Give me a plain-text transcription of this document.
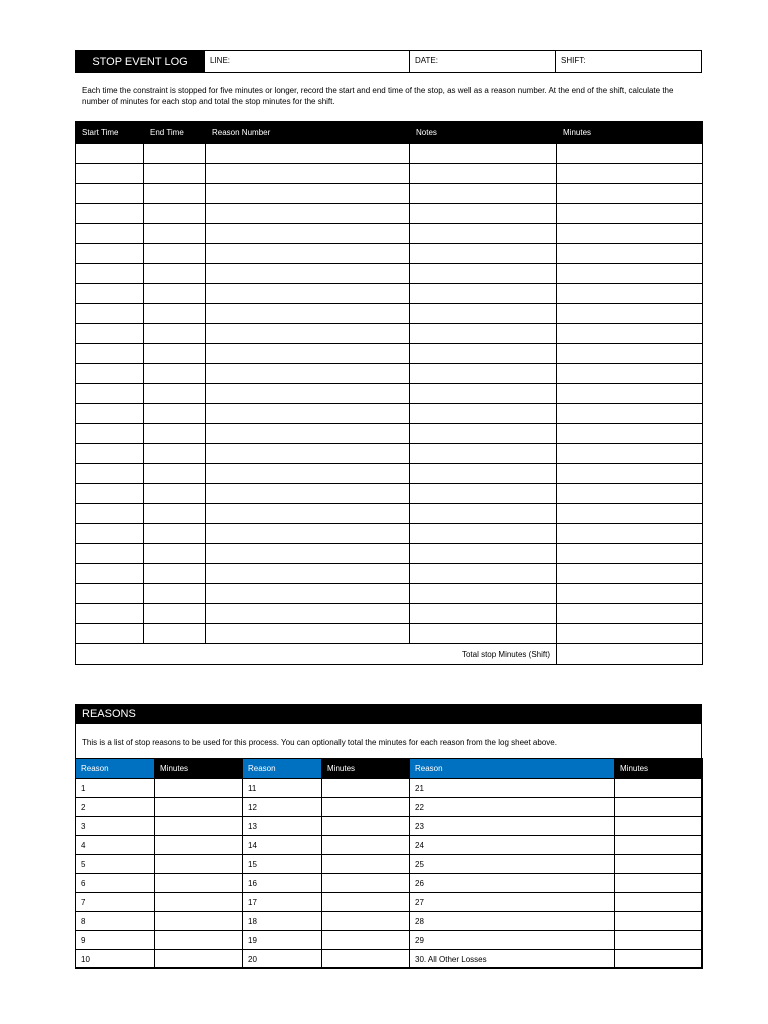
STOP EVENT LOG	LINE:	DATE:	SHIFT:
Each time the constraint is stopped for five minutes or longer, record the start and end time of the stop, as well as a reason number. At the end of the shift, calculate the number of minutes for each stop and total the stop minutes for the shift.
Start Time	End Time	Reason Number	Notes	Minutes

Total stop Minutes (Shift)				
REASONS
This is a list of stop reasons to be used for this process. You can optionally total the minutes for each reason from the log sheet above.
Reason	Minutes	Reason	Minutes	Reason	Minutes
1		11		21	
2		12		22	
3		13		23	
4		14		24	
5		15		25	
6		16		26	
7		17		27	
8		18		28	
9		19		29	
10		20		30. All Other Losses	
